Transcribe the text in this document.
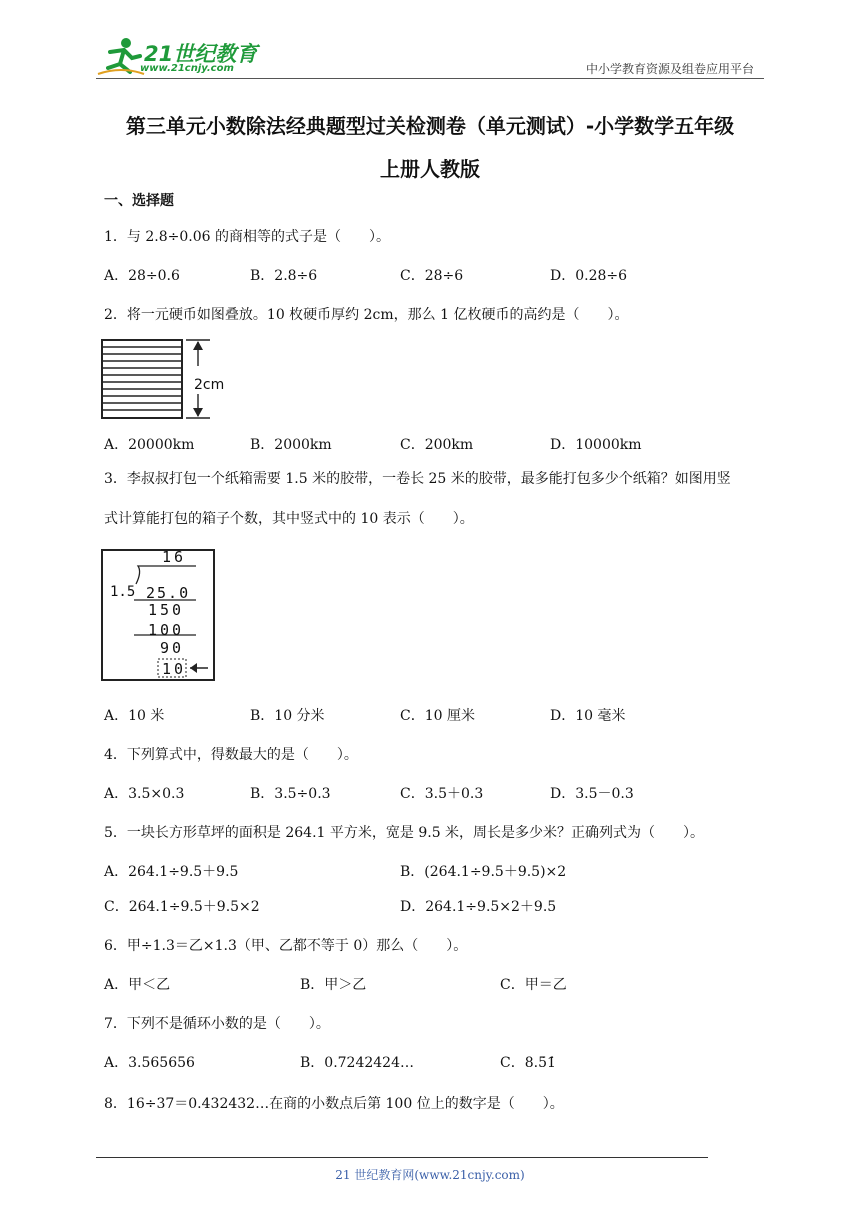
21世纪教育
www.21cnjy.com	中小学教育资源及组卷应用平台
第三单元小数除法经典题型过关检测卷（单元测试）-小学数学五年级
上册人教版
一、选择题
1．与 2.8÷0.06 的商相等的式子是（　　）。
A．28÷0.6	B．2.8÷6	C．28÷6	D．0.28÷6
2．将一元硬币如图叠放。10 枚硬币厚约 2cm，那么 1 亿枚硬币的高约是（　　）。
2cm
A．20000km	B．2000km	C．200km	D．10000km
3．李叔叔打包一个纸箱需要 1.5 米的胶带，一卷长 25 米的胶带，最多能打包多少个纸箱？如图用竖
式计算能打包的箱子个数，其中竖式中的 10 表示（　　）。
16
1.5 25.0
150
100
90
10
A．10 米	B．10 分米	C．10 厘米	D．10 毫米
4．下列算式中，得数最大的是（　　）。
A．3.5×0.3	B．3.5÷0.3	C．3.5＋0.3	D．3.5－0.3
5．一块长方形草坪的面积是 264.1 平方米，宽是 9.5 米，周长是多少米？正确列式为（　　）。
A．264.1÷9.5＋9.5	B．(264.1÷9.5＋9.5)×2
C．264.1÷9.5＋9.5×2	D．264.1÷9.5×2＋9.5
6．甲÷1.3＝乙×1.3（甲、乙都不等于 0）那么（　　）。
A．甲＜乙	B．甲＞乙	C．甲＝乙
7．下列不是循环小数的是（　　）。
A．3.565656	B．0.7242424…	C．8.5̇1̇
8．16÷37＝0.432432…在商的小数点后第 100 位上的数字是（　　）。
21 世纪教育网(www.21cnjy.com)
